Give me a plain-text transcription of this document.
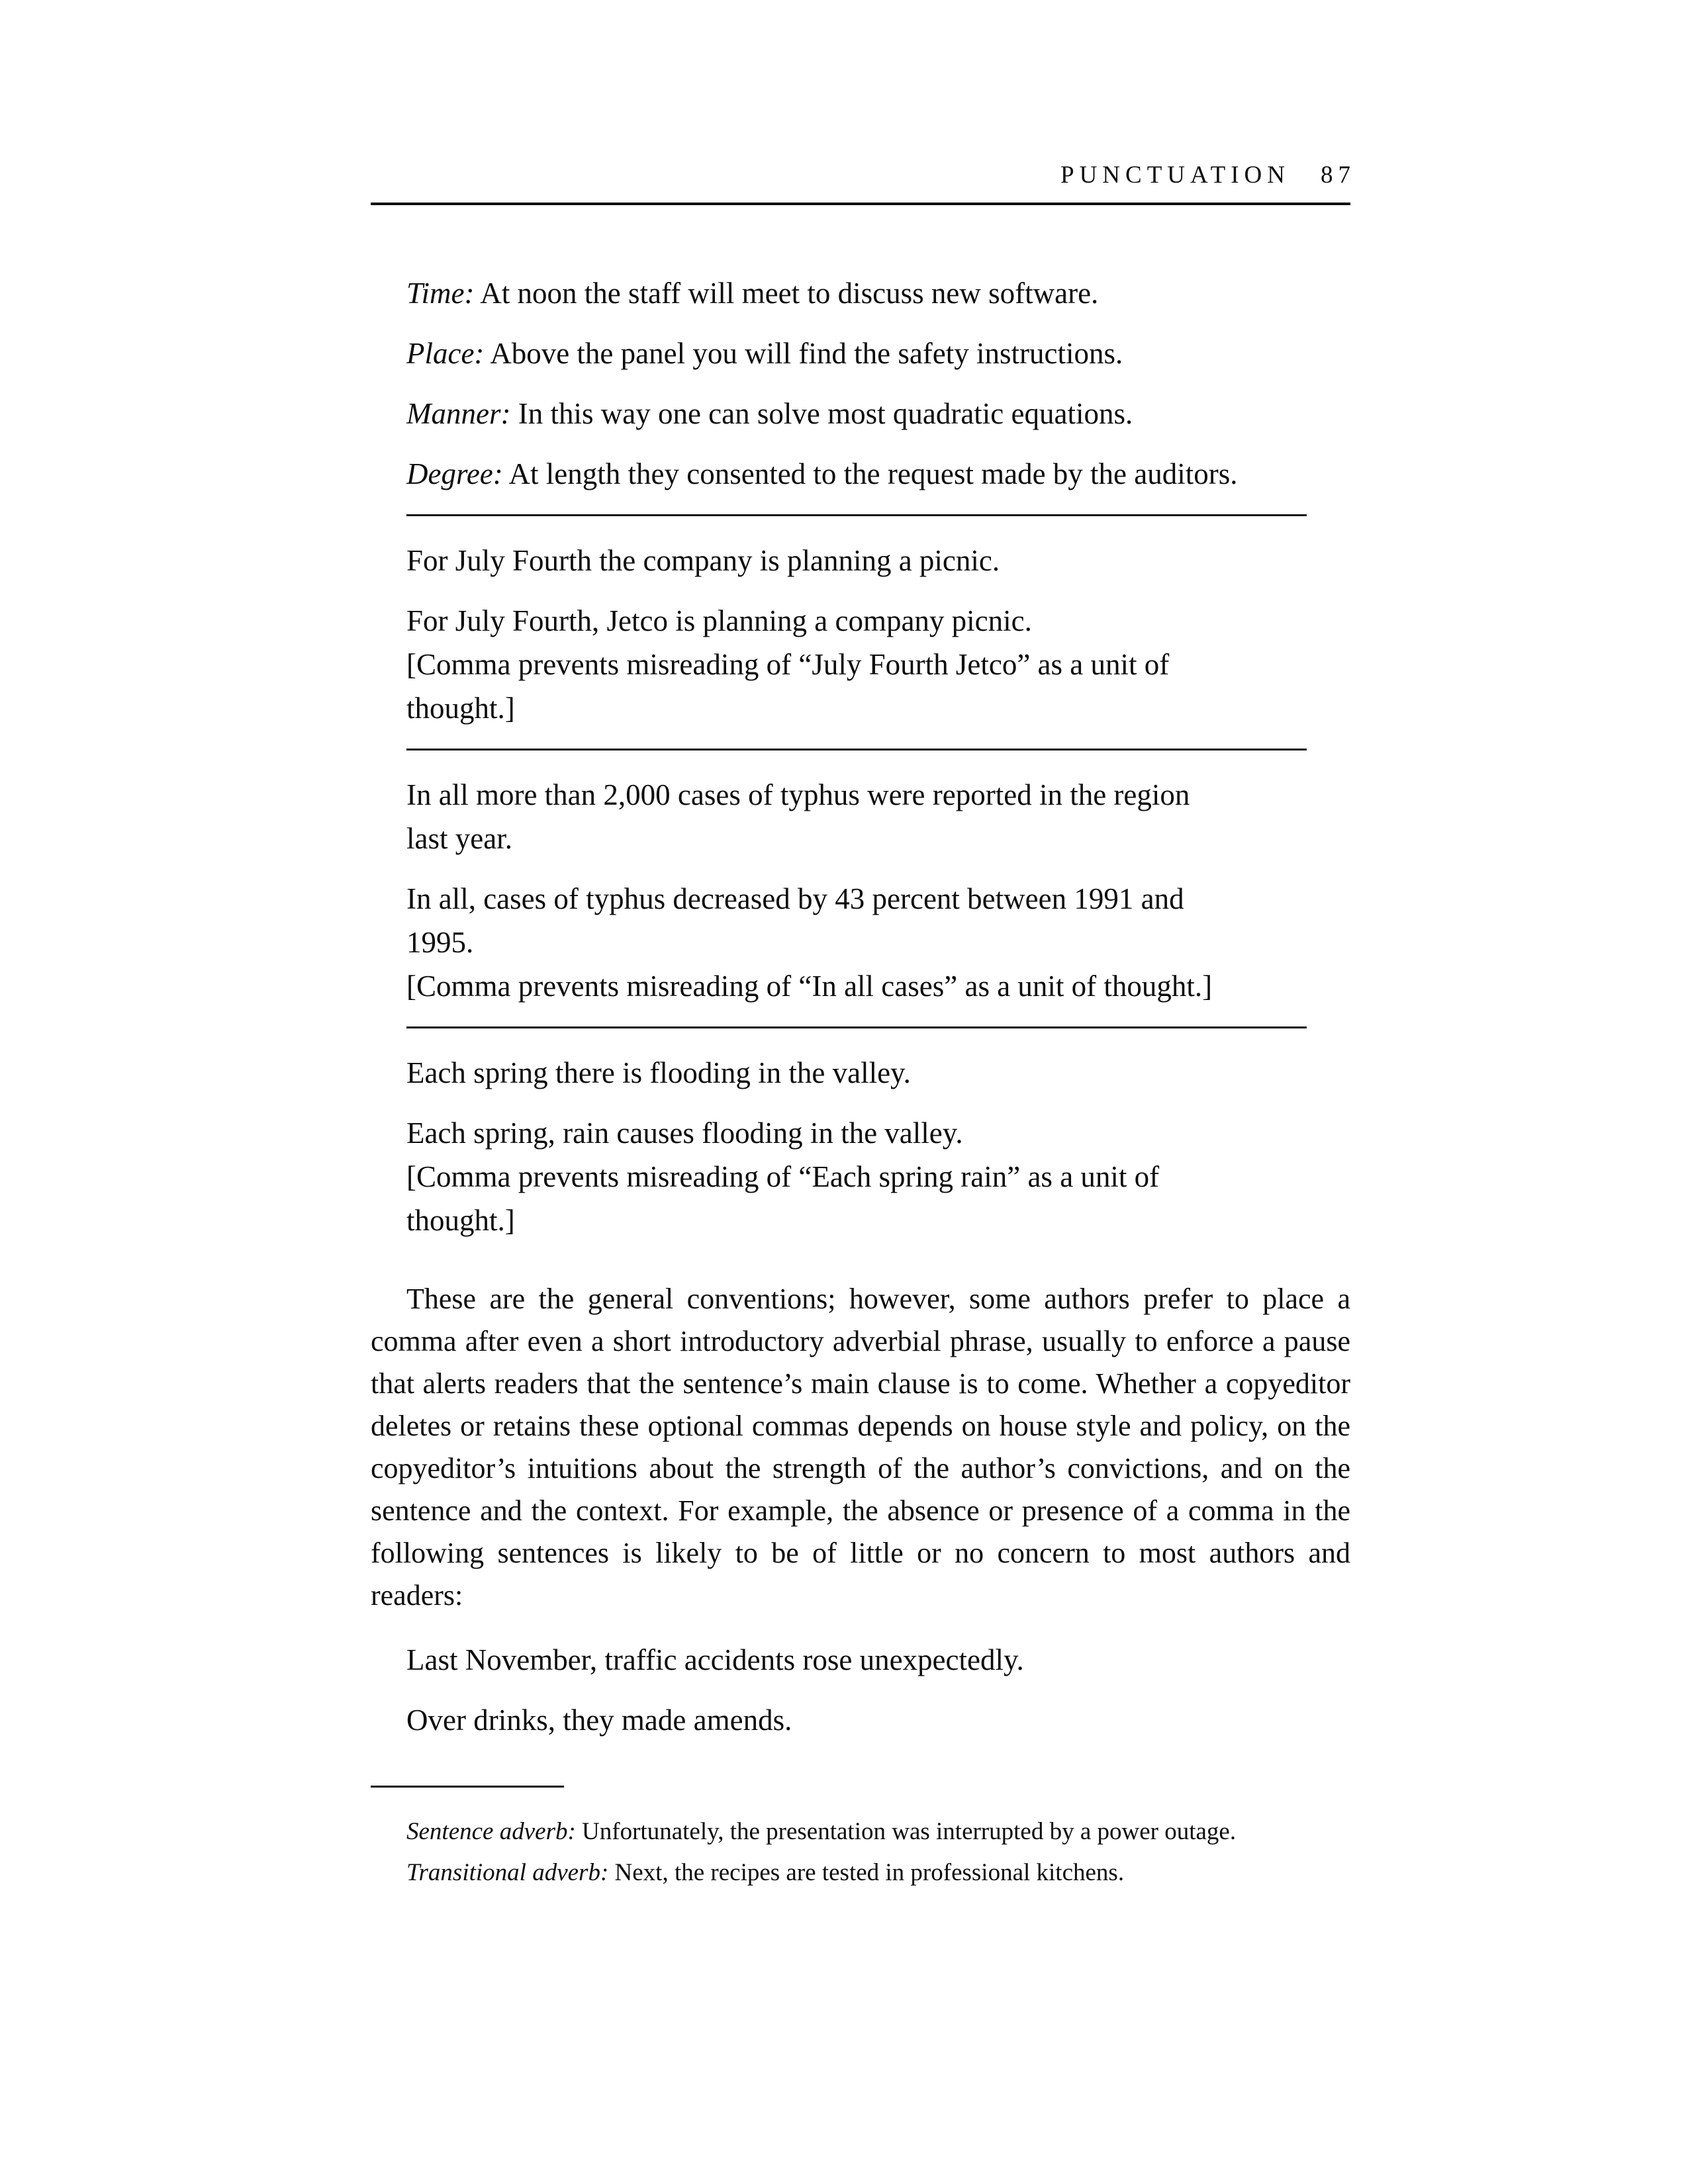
PUNCTUATION 87

Time: At noon the staff will meet to discuss new software.

Place: Above the panel you will find the safety instructions.

Manner: In this way one can solve most quadratic equations.

Degree: At length they consented to the request made by the auditors.

For July Fourth the company is planning a picnic.

For July Fourth, Jetco is planning a company picnic.

[Comma prevents misreading of “July Fourth Jetco” as a unit of

thought.]

In all more than 2,000 cases of typhus were reported in the region

last year.

In all, cases of typhus decreased by 43 percent between 1991 and

1995.

[Comma prevents misreading of “In all cases” as a unit of thought.]

Each spring there is flooding in the valley.

Each spring, rain causes flooding in the valley.

[Comma prevents misreading of “Each spring rain” as a unit of

thought.]

These are the general conventions; however, some authors prefer to place a comma after even a short introductory adverbial phrase, usually to enforce a pause that alerts readers that the sentence’s main clause is to come. Whether a copyeditor deletes or retains these optional commas depends on house style and policy, on the copyeditor’s intuitions about the strength of the author’s convictions, and on the sentence and the context. For example, the absence or presence of a comma in the following sentences is likely to be of little or no concern to most authors and readers:

Last November, traffic accidents rose unexpectedly.

Over drinks, they made amends.

Sentence adverb: Unfortunately, the presentation was interrupted by a power outage.

Transitional adverb: Next, the recipes are tested in professional kitchens.
